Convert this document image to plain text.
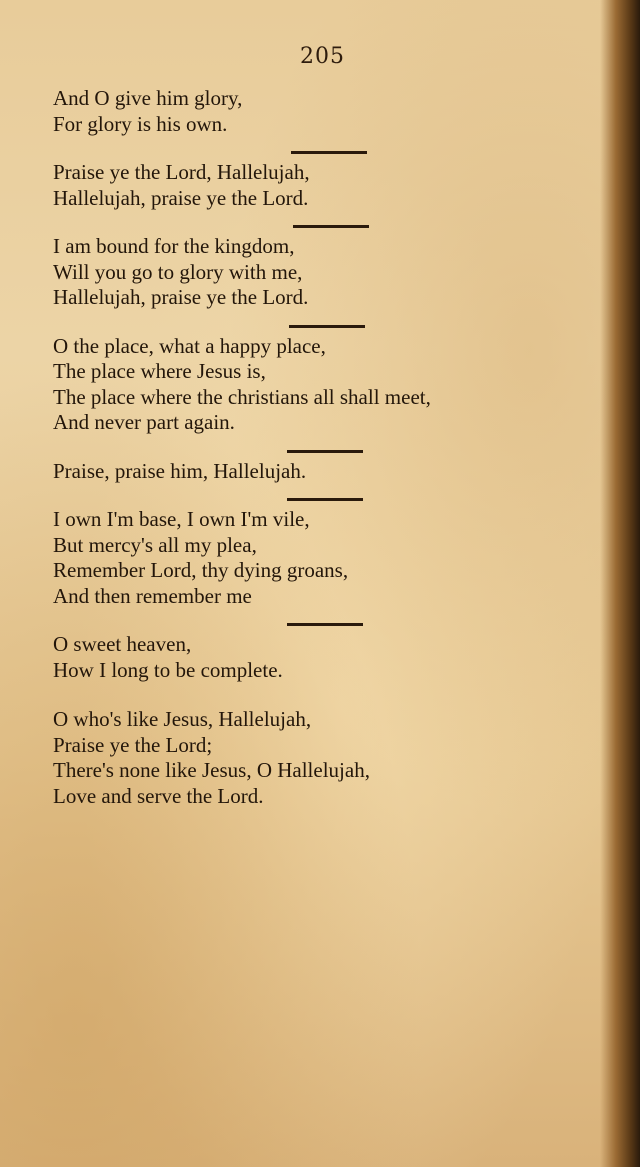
205
And O give him glory,
For glory is his own.
Praise ye the Lord, Hallelujah,
Hallelujah, praise ye the Lord.
I am bound for the kingdom,
Will you go to glory with me,
Hallelujah, praise ye the Lord.
O the place, what a happy place,
The place where Jesus is,
The place where the christians all shall meet,
And never part again.
Praise, praise him, Hallelujah.
I own I'm base, I own I'm vile,
But mercy's all my plea,
Remember Lord, thy dying groans,
And then remember me
O sweet heaven,
How I long to be complete.
O who's like Jesus, Hallelujah,
Praise ye the Lord;
There's none like Jesus, O Hallelujah,
Love and serve the Lord.
